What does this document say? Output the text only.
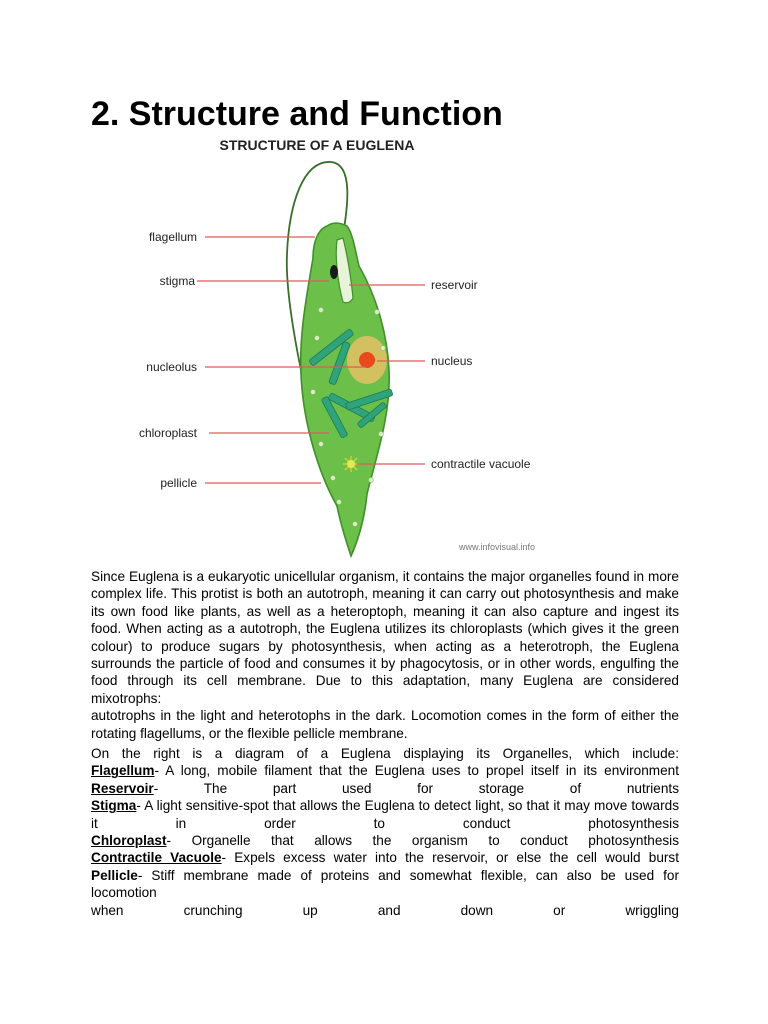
2. Structure and Function
STRUCTURE OF A EUGLENA
flagellum
stigma
nucleolus
chloroplast
pellicle
reservoir
nucleus
contractile vacuole
www.infovisual.info

Since Euglena is a eukaryotic unicellular organism, it contains the major organelles found in more

complex life. This protist is both an autotroph, meaning it can carry out photosynthesis and make

its own food like plants, as well as a heteroptoph, meaning it can also capture and ingest its

food. When acting as a autotroph, the Euglena utilizes its chloroplasts (which gives it the green

colour) to produce sugars by photosynthesis, when acting as a heterotroph, the Euglena

surrounds the particle of food and consumes it by phagocytosis, or in other words, engulfing the

food through its cell membrane. Due to this adaptation, many Euglena are considered mixotrophs:

autotrophs in the light and heterotophs in the dark. Locomotion comes in the form of either the

rotating flagellums, or the flexible pellicle membrane.

On the right is a diagram of a Euglena displaying its Organelles, which include:
Flagellum- A long, mobile filament that the Euglena uses to propel itself in its environment
Reservoir- The part used for storage of nutrients
Stigma- A light sensitive-spot that allows the Euglena to detect light, so that it may move towards
it in order to conduct photosynthesis
Chloroplast- Organelle that allows the organism to conduct photosynthesis
Contractile Vacuole- Expels excess water into the reservoir, or else the cell would burst
Pellicle- Stiff membrane made of proteins and somewhat flexible, can also be used for locomotion
when crunching up and down or wriggling
